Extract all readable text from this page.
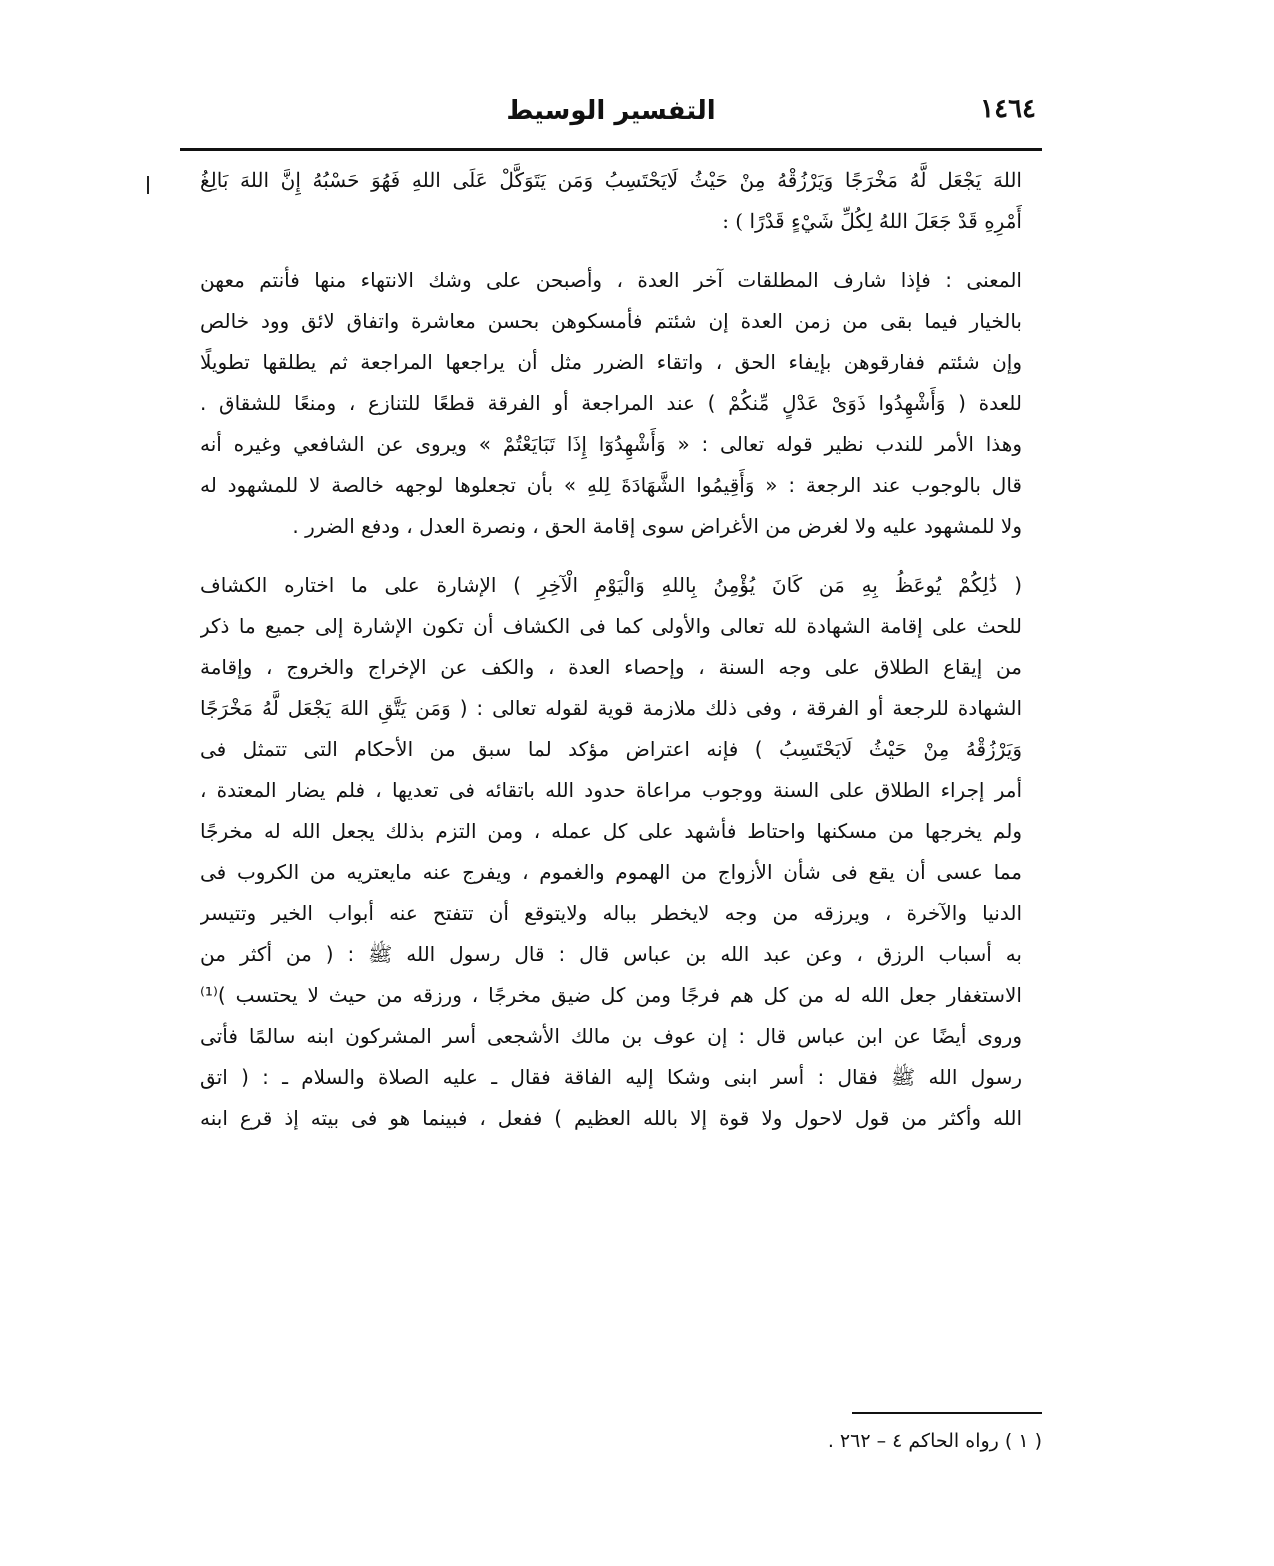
١٤٦٤
التفسير الوسيط
اللهَ يَجْعَل لَّهُ مَخْرَجًا وَيَرْزُقْهُ مِنْ حَيْثُ لَايَحْتَسِبُ وَمَن يَتَوَكَّلْ عَلَى اللهِ فَهُوَ حَسْبُهُ إِنَّ اللهَ بَالِغُ
أَمْرِهِ قَدْ جَعَلَ اللهُ لِكُلِّ شَيْءٍ قَدْرًا ) :
المعنى : فإذا شارف المطلقات آخر العدة ، وأصبحن على وشك الانتهاء منها فأنتم معهن
بالخيار فيما بقى من زمن العدة إن شئتم فأمسكوهن بحسن معاشرة واتفاق لائق وود خالص
وإن شئتم ففارقوهن بإيفاء الحق ، واتقاء الضرر مثل أن يراجعها المراجعة ثم يطلقها تطويلًا
للعدة ( وَأَشْهِدُوا ذَوَىْ عَدْلٍ مِّنكُمْ ) عند المراجعة أو الفرقة قطعًا للتنازع ، ومنعًا للشقاق .
وهذا الأمر للندب نظير قوله تعالى : « وَأَشْهِدُوٓا إِذَا تَبَايَعْتُمْ » ويروى عن الشافعي وغيره أنه
قال بالوجوب عند الرجعة : « وَأَقِيمُوا الشَّهَادَةَ لِلهِ » بأن تجعلوها لوجهه خالصة لا للمشهود له
ولا للمشهود عليه ولا لغرض من الأغراض سوى إقامة الحق ، ونصرة العدل ، ودفع الضرر .
( ذَٰلِكُمْ يُوعَظُ بِهِ مَن كَانَ يُؤْمِنُ بِاللهِ وَالْيَوْمِ الْآخِرِ ) الإشارة على ما اختاره الكشاف
للحث على إقامة الشهادة لله تعالى والأولى كما فى الكشاف أن تكون الإشارة إلى جميع ما ذكر
من إيقاع الطلاق على وجه السنة ، وإحصاء العدة ، والكف عن الإخراج والخروج ، وإقامة
الشهادة للرجعة أو الفرقة ، وفى ذلك ملازمة قوية لقوله تعالى : ( وَمَن يَتَّقِ اللهَ يَجْعَل لَّهُ مَخْرَجًا
وَيَرْزُقْهُ مِنْ حَيْثُ لَايَحْتَسِبُ ) فإنه اعتراض مؤكد لما سبق من الأحكام التى تتمثل فى
أمر إجراء الطلاق على السنة ووجوب مراعاة حدود الله باتقائه فى تعديها ، فلم يضار المعتدة ،
ولم يخرجها من مسكنها واحتاط فأشهد على كل عمله ، ومن التزم بذلك يجعل الله له مخرجًا
مما عسى أن يقع فى شأن الأزواج من الهموم والغموم ، ويفرج عنه مايعتريه من الكروب فى
الدنيا والآخرة ، ويرزقه من وجه لايخطر بباله ولايتوقع أن تتفتح عنه أبواب الخير وتتيسر
به أسباب الرزق ، وعن عبد الله بن عباس قال : قال رسول الله ﷺ : ( من أكثر من
الاستغفار جعل الله له من كل هم فرجًا ومن كل ضيق مخرجًا ، ورزقه من حيث لا يحتسب )⁽¹⁾
وروى أيضًا عن ابن عباس قال : إن عوف بن مالك الأشجعى أسر المشركون ابنه سالمًا فأتى
رسول الله ﷺ فقال : أسر ابنى وشكا إليه الفاقة فقال ـ عليه الصلاة والسلام ـ : ( اتق
الله وأكثر من قول لاحول ولا قوة إلا بالله العظيم ) ففعل ، فبينما هو فى بيته إذ قرع ابنه
( ١ ) رواه الحاكم ٤ – ٢٦٢ .
